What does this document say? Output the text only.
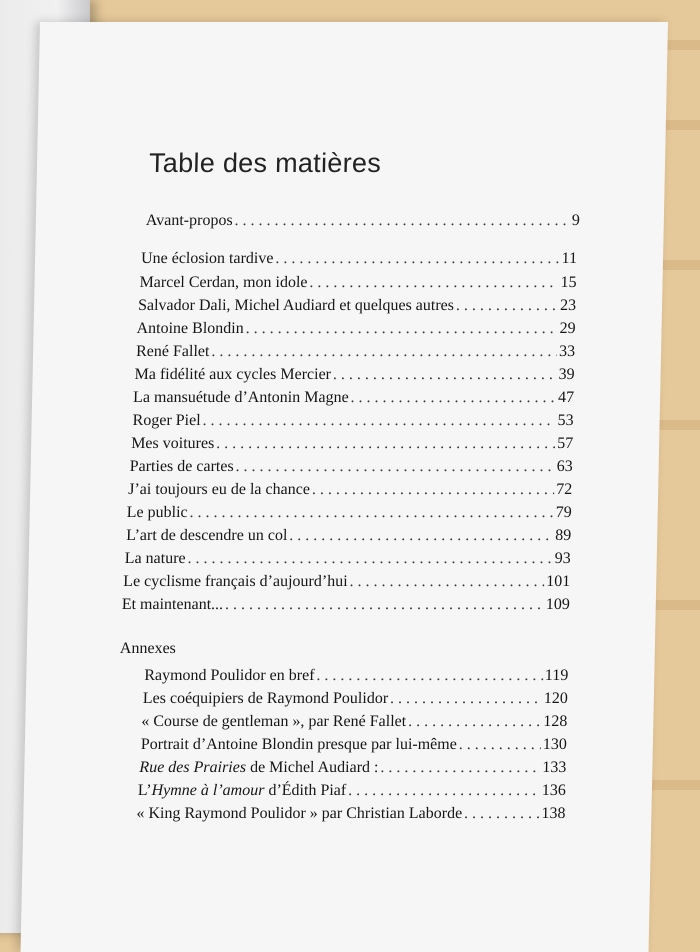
Table des matières
Avant-propos . . .	9
Une éclosion tardive . . .	11
Marcel Cerdan, mon idole . . .	15
Salvador Dali, Michel Audiard et quelques autres . . .	23
Antoine Blondin . . .	29
René Fallet . . .	33
Ma fidélité aux cycles Mercier . . .	39
La mansuétude d’Antonin Magne . . .	47
Roger Piel . . .	53
Mes voitures . . .	57
Parties de cartes . . .	63
J’ai toujours eu de la chance . . .	72
Le public . . .	79
L’art de descendre un col . . .	89
La nature . . .	93
Le cyclisme français d’aujourd’hui . . .	101
Et maintenant... . . .	109
Annexes
Raymond Poulidor en bref . . .	119
Les coéquipiers de Raymond Poulidor . . .	120
« Course de gentleman », par René Fallet . . .	128
Portrait d’Antoine Blondin presque par lui-même . . .	130
Rue des Prairies de Michel Audiard : . . .	133
L’Hymne à l’amour d’Édith Piaf . . .	136
« King Raymond Poulidor » par Christian Laborde . . .	138
